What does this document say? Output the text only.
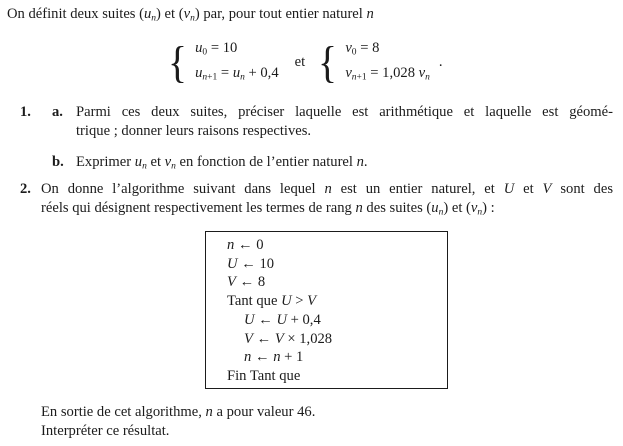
On définit deux suites (un) et (vn) par, pour tout entier naturel n
{ u0 = 10
un+1 = un + 0,4
et { v0 = 8
vn+1 = 1,028 vn
.
1. a. Parmi ces deux suites, préciser laquelle est arithmétique et laquelle est géomé-
trique ; donner leurs raisons respectives.
b. Exprimer un et vn en fonction de l’entier naturel n.
2. On donne l’algorithme suivant dans lequel n est un entier naturel, et U et V sont des
réels qui désignent respectivement les termes de rang n des suites (un) et (vn) :
n ← 0
U ← 10
V ← 8
Tant que U > V
U ← U + 0,4
V ← V × 1,028
n ← n + 1
Fin Tant que
En sortie de cet algorithme, n a pour valeur 46.
Interpréter ce résultat.
